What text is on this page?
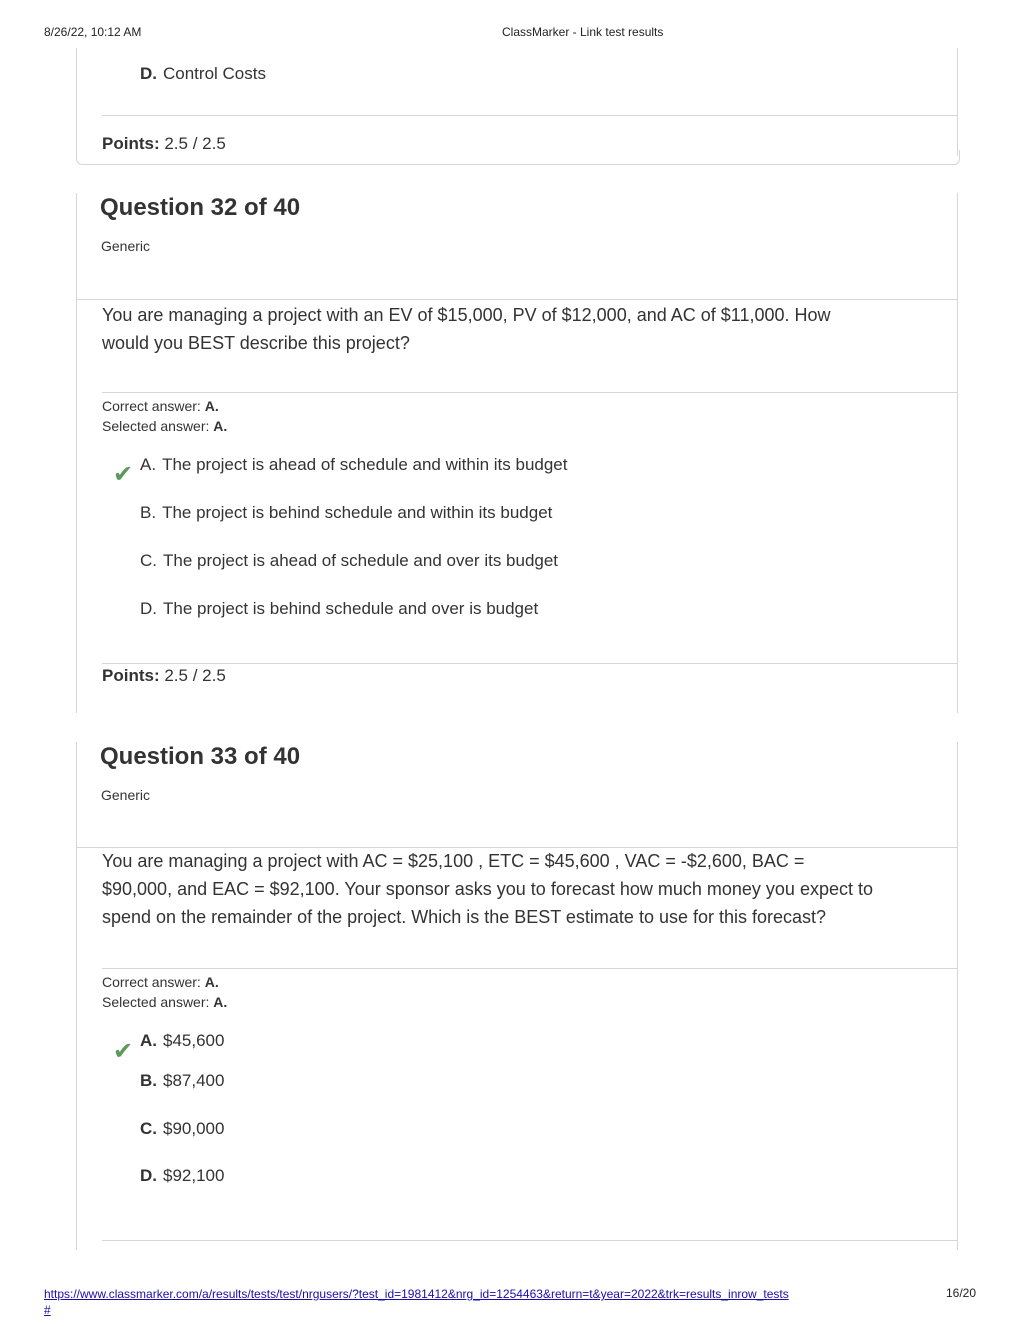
8/26/22, 10:12 AM	ClassMarker - Link test results
D. Control Costs
Points: 2.5 / 2.5
Question 32 of 40
Generic
You are managing a project with an EV of $15,000, PV of $12,000, and AC of $11,000. How
would you BEST describe this project?
Correct answer: A.
Selected answer: A.
✔ A. The project is ahead of schedule and within its budget
B. The project is behind schedule and within its budget
C. The project is ahead of schedule and over its budget
D. The project is behind schedule and over is budget
Points: 2.5 / 2.5
Question 33 of 40
Generic
You are managing a project with AC = $25,100 , ETC = $45,600 , VAC = -$2,600, BAC =
$90,000, and EAC = $92,100. Your sponsor asks you to forecast how much money you expect to
spend on the remainder of the project. Which is the BEST estimate to use for this forecast?
Correct answer: A.
Selected answer: A.
✔ A. $45,600
B. $87,400
C. $90,000
D. $92,100
https://www.classmarker.com/a/results/tests/test/nrgusers/?test_id=1981412&nrg_id=1254463&return=t&year=2022&trk=results_inrow_tests
#
16/20
